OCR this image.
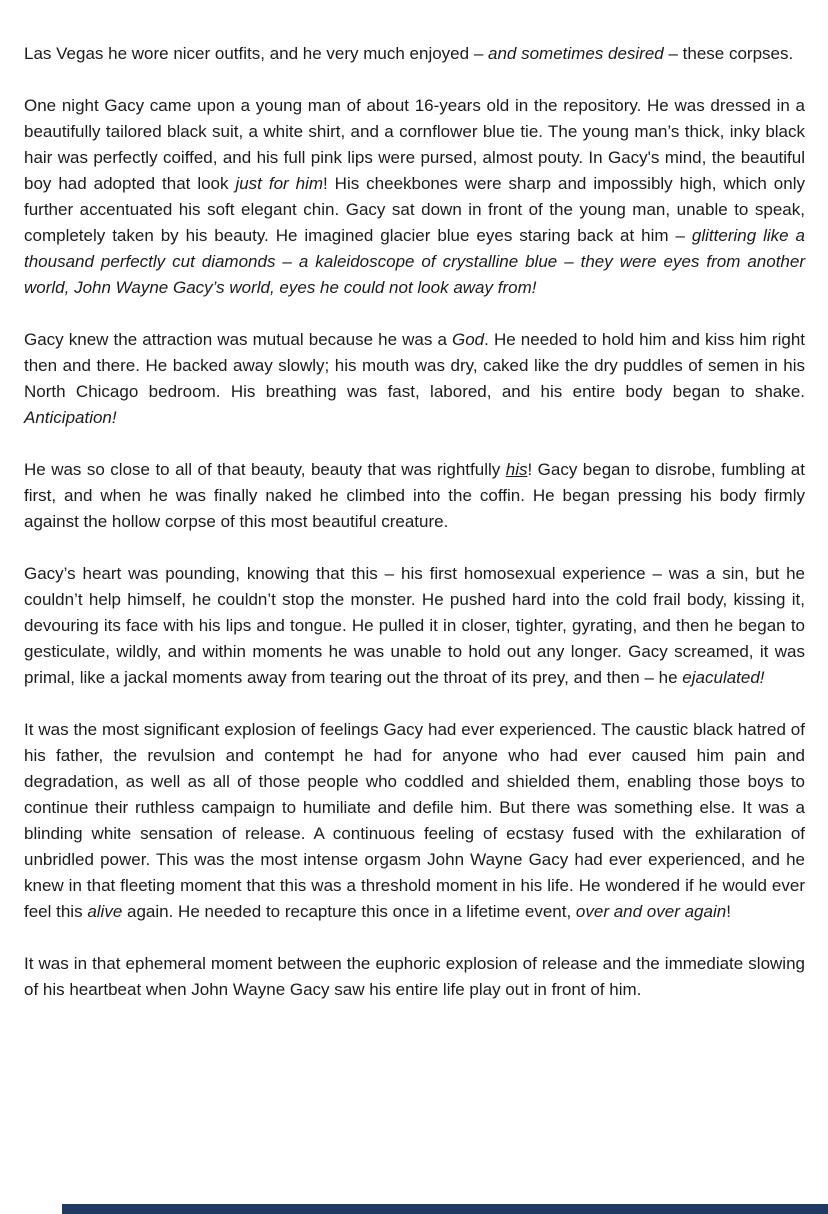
Las Vegas he wore nicer outfits, and he very much enjoyed – and sometimes desired – these corpses.

One night Gacy came upon a young man of about 16-years old in the repository. He was dressed in a beautifully tailored black suit, a white shirt, and a cornflower blue tie. The young man’s thick, inky black hair was perfectly coiffed, and his full pink lips were pursed, almost pouty. In Gacy's mind, the beautiful boy had adopted that look just for him! His cheekbones were sharp and impossibly high, which only further accentuated his soft elegant chin. Gacy sat down in front of the young man, unable to speak, completely taken by his beauty. He imagined glacier blue eyes staring back at him – glittering like a thousand perfectly cut diamonds – a kaleidoscope of crystalline blue – they were eyes from another world, John Wayne Gacy’s world, eyes he could not look away from!

Gacy knew the attraction was mutual because he was a God. He needed to hold him and kiss him right then and there. He backed away slowly; his mouth was dry, caked like the dry puddles of semen in his North Chicago bedroom. His breathing was fast, labored, and his entire body began to shake. Anticipation!

He was so close to all of that beauty, beauty that was rightfully his! Gacy began to disrobe, fumbling at first, and when he was finally naked he climbed into the coffin. He began pressing his body firmly against the hollow corpse of this most beautiful creature.

Gacy’s heart was pounding, knowing that this – his first homosexual experience – was a sin, but he couldn’t help himself, he couldn’t stop the monster. He pushed hard into the cold frail body, kissing it, devouring its face with his lips and tongue. He pulled it in closer, tighter, gyrating, and then he began to gesticulate, wildly, and within moments he was unable to hold out any longer. Gacy screamed, it was primal, like a jackal moments away from tearing out the throat of its prey, and then – he ejaculated!

It was the most significant explosion of feelings Gacy had ever experienced. The caustic black hatred of his father, the revulsion and contempt he had for anyone who had ever caused him pain and degradation, as well as all of those people who coddled and shielded them, enabling those boys to continue their ruthless campaign to humiliate and defile him. But there was something else. It was a blinding white sensation of release. A continuous feeling of ecstasy fused with the exhilaration of unbridled power. This was the most intense orgasm John Wayne Gacy had ever experienced, and he knew in that fleeting moment that this was a threshold moment in his life. He wondered if he would ever feel this alive again. He needed to recapture this once in a lifetime event, over and over again!

It was in that ephemeral moment between the euphoric explosion of release and the immediate slowing of his heartbeat when John Wayne Gacy saw his entire life play out in front of him.
